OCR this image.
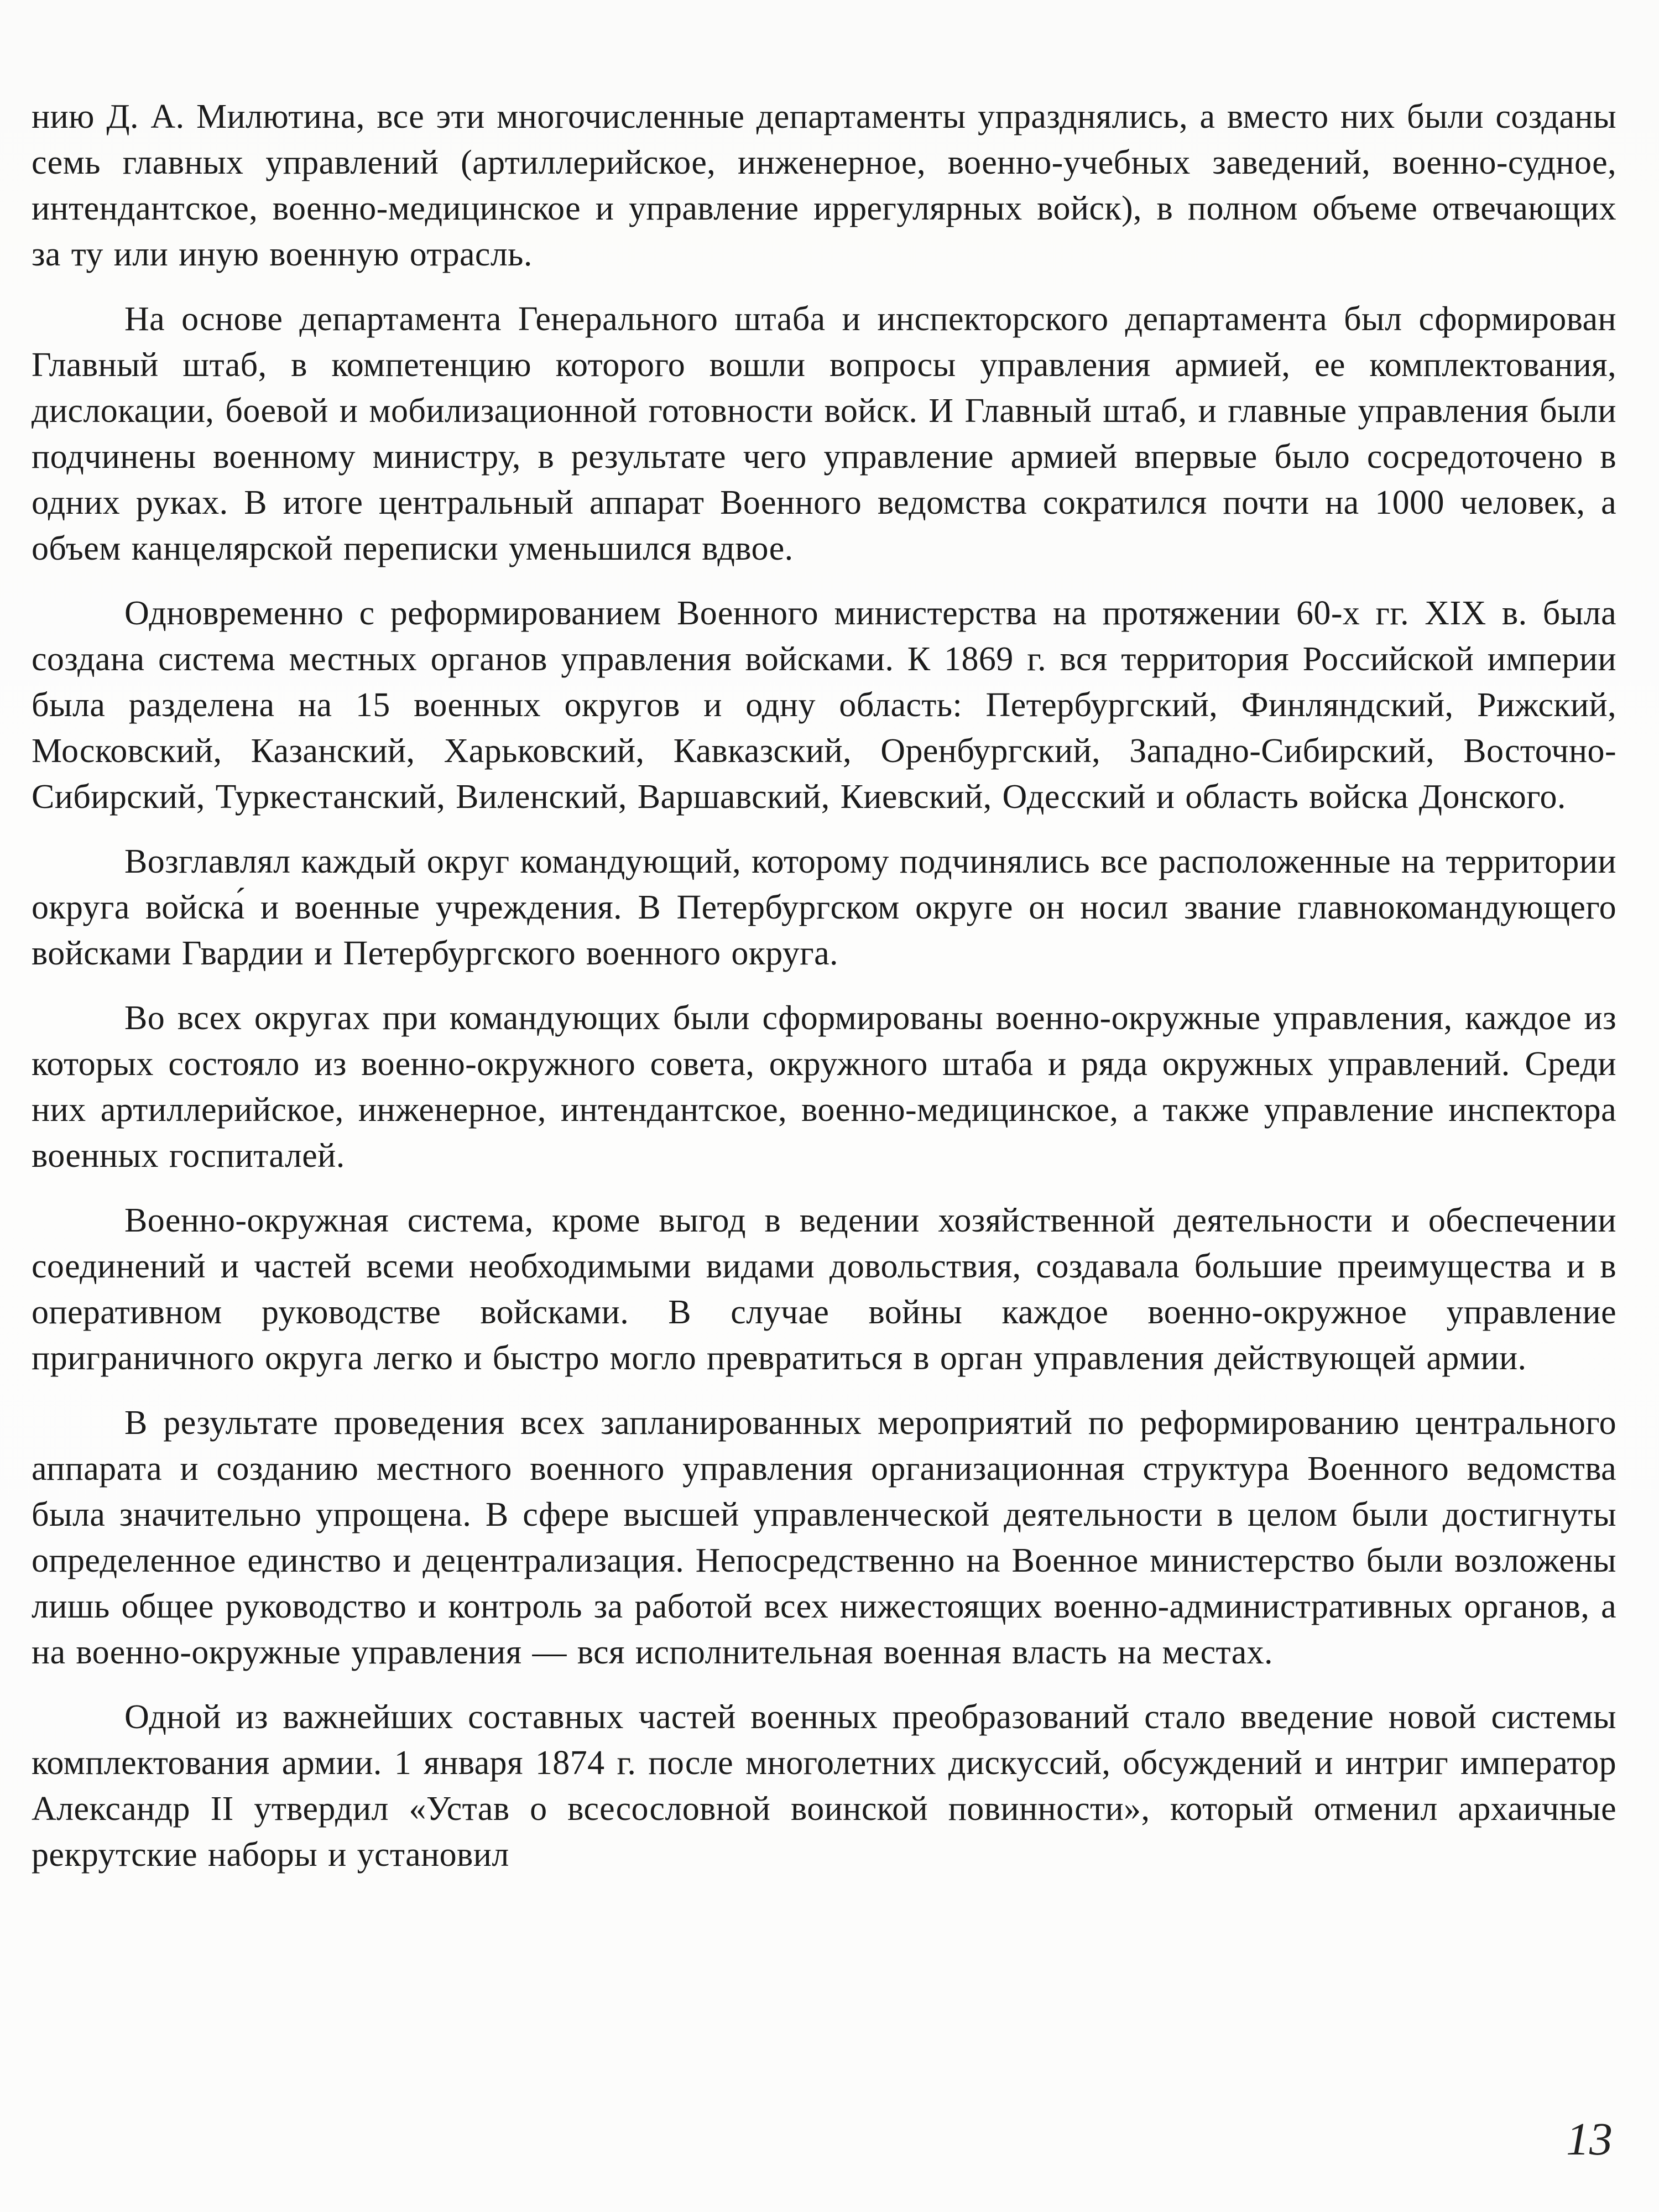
нию Д. А. Милютина, все эти многочисленные департаменты упразднялись, а вместо них были созданы семь главных управлений (артиллерийское, инженерное, военно-учебных заведений, военно-судное, интендантское, военно-медицинское и управление иррегулярных войск), в полном объеме отвечающих за ту или иную военную отрасль.

На основе департамента Генерального штаба и инспекторского департамента был сформирован Главный штаб, в компетенцию которого вошли вопросы управления армией, ее комплектования, дислокации, боевой и мобилизационной готовности войск. И Главный штаб, и главные управления были подчинены военному министру, в результате чего управление армией впервые было сосредоточено в одних руках. В итоге центральный аппарат Военного ведомства сократился почти на 1000 человек, а объем канцелярской переписки уменьшился вдвое.

Одновременно с реформированием Военного министерства на протяжении 60-х гг. XIX в. была создана система местных органов управления войсками. К 1869 г. вся территория Российской империи была разделена на 15 военных округов и одну область: Петербургский, Финляндский, Рижский, Московский, Казанский, Харьковский, Кавказский, Оренбургский, Западно-Сибирский, Восточно-Сибирский, Туркестанский, Виленский, Варшавский, Киевский, Одесский и область войска Донского.

Возглавлял каждый округ командующий, которому подчинялись все расположенные на территории округа войска́ и военные учреждения. В Петербургском округе он носил звание главнокомандующего войсками Гвардии и Петербургского военного округа.

Во всех округах при командующих были сформированы военно-окружные управления, каждое из которых состояло из военно-окружного совета, окружного штаба и ряда окружных управлений. Среди них артиллерийское, инженерное, интендантское, военно-медицинское, а также управление инспектора военных госпиталей.

Военно-окружная система, кроме выгод в ведении хозяйственной деятельности и обеспечении соединений и частей всеми необходимыми видами довольствия, создавала большие преимущества и в оперативном руководстве войсками. В случае войны каждое военно-окружное управление приграничного округа легко и быстро могло превратиться в орган управления действующей армии.

В результате проведения всех запланированных мероприятий по реформированию центрального аппарата и созданию местного военного управления организационная структура Военного ведомства была значительно упрощена. В сфере высшей управленческой деятельности в целом были достигнуты определенное единство и децентрализация. Непосредственно на Военное министерство были возложены лишь общее руководство и контроль за работой всех нижестоящих военно-административных органов, а на военно-окружные управления — вся исполнительная военная власть на местах.

Одной из важнейших составных частей военных преобразований стало введение новой системы комплектования армии. 1 января 1874 г. после многолетних дискуссий, обсуждений и интриг император Александр II утвердил «Устав о всесословной воинской повинности», который отменил архаичные рекрутские наборы и установил

13
